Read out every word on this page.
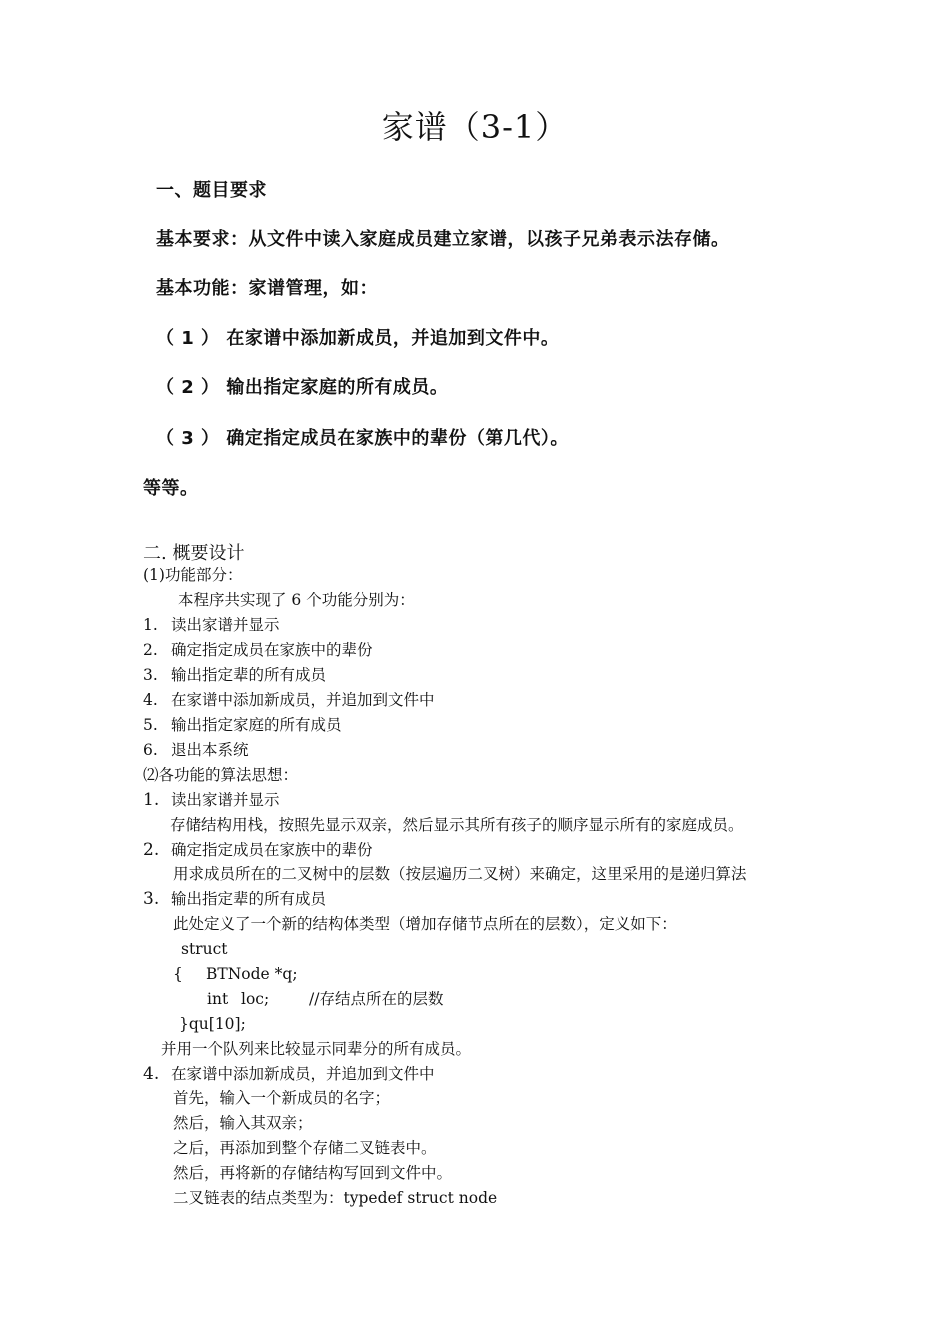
家谱（3-1）
一、题目要求
基本要求：从文件中读入家庭成员建立家谱，以孩子兄弟表示法存储。
基本功能：家谱管理，如：
（ 1 ） 在家谱中添加新成员，并追加到文件中。
（ 2 ） 输出指定家庭的所有成员。
（ 3 ） 确定指定成员在家族中的辈份（第几代）。
等等。
二. 概要设计
(1)功能部分：
本程序共实现了 6 个功能分别为：
1. 读出家谱并显示
2. 确定指定成员在家族中的辈份
3. 输出指定辈的所有成员
4. 在家谱中添加新成员，并追加到文件中
5. 输出指定家庭的所有成员
6. 退出本系统
⑵各功能的算法思想：
1. 读出家谱并显示
存储结构用栈，按照先显示双亲，然后显示其所有孩子的顺序显示所有的家庭成员。
2. 确定指定成员在家族中的辈份
用求成员所在的二叉树中的层数（按层遍历二叉树）来确定，这里采用的是递归算法
3. 输出指定辈的所有成员
此处定义了一个新的结构体类型（增加存储节点所在的层数），定义如下：
struct
{ BTNode *q;
int loc;	//存结点所在的层数
}qu[10];
并用一个队列来比较显示同辈分的所有成员。
4. 在家谱中添加新成员，并追加到文件中
首先，输入一个新成员的名字；
然后，输入其双亲；
之后，再添加到整个存储二叉链表中。
然后，再将新的存储结构写回到文件中。
二叉链表的结点类型为：typedef struct node
